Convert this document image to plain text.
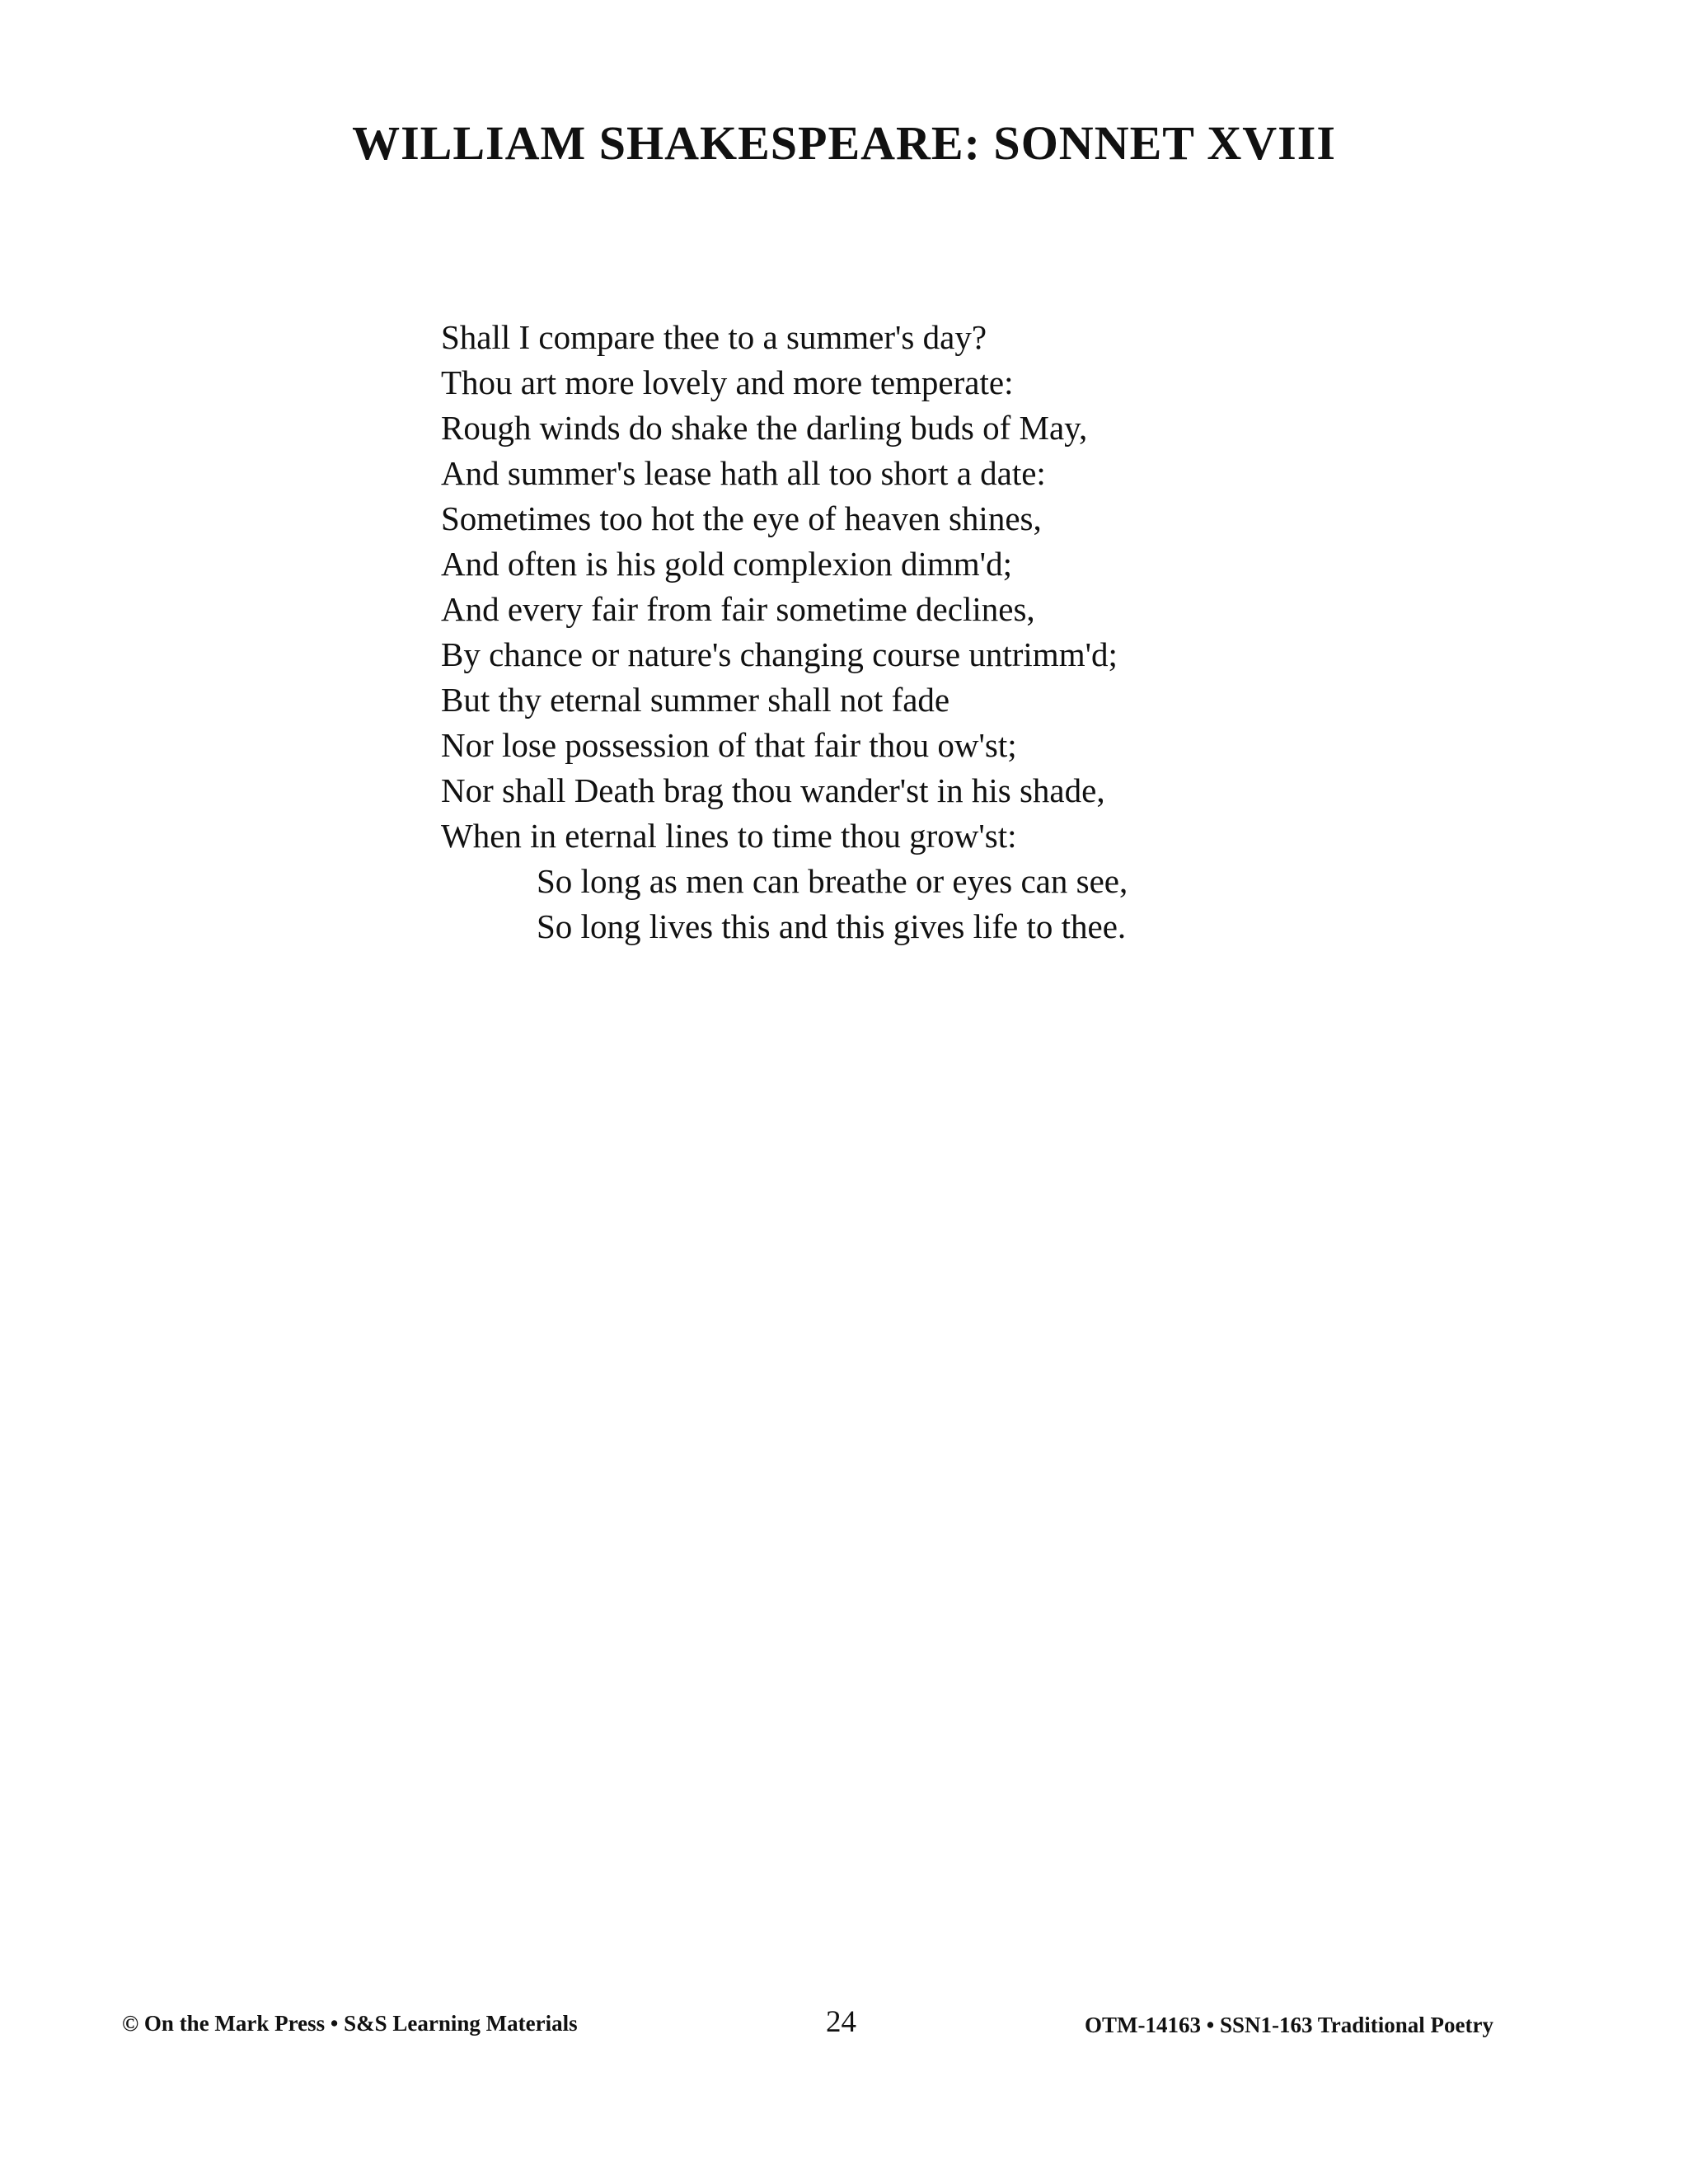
WILLIAM SHAKESPEARE: SONNET XVIII
Shall I compare thee to a summer's day?
Thou art more lovely and more temperate:
Rough winds do shake the darling buds of May,
And summer's lease hath all too short a date:
Sometimes too hot the eye of heaven shines,
And often is his gold complexion dimm'd;
And every fair from fair sometime declines,
By chance or nature's changing course untrimm'd;
But thy eternal summer shall not fade
Nor lose possession of that fair thou ow'st;
Nor shall Death brag thou wander'st in his shade,
When in eternal lines to time thou grow'st:
So long as men can breathe or eyes can see,
So long lives this and this gives life to thee.
© On the Mark Press • S&S Learning Materials	24	OTM-14163 • SSN1-163 Traditional Poetry
